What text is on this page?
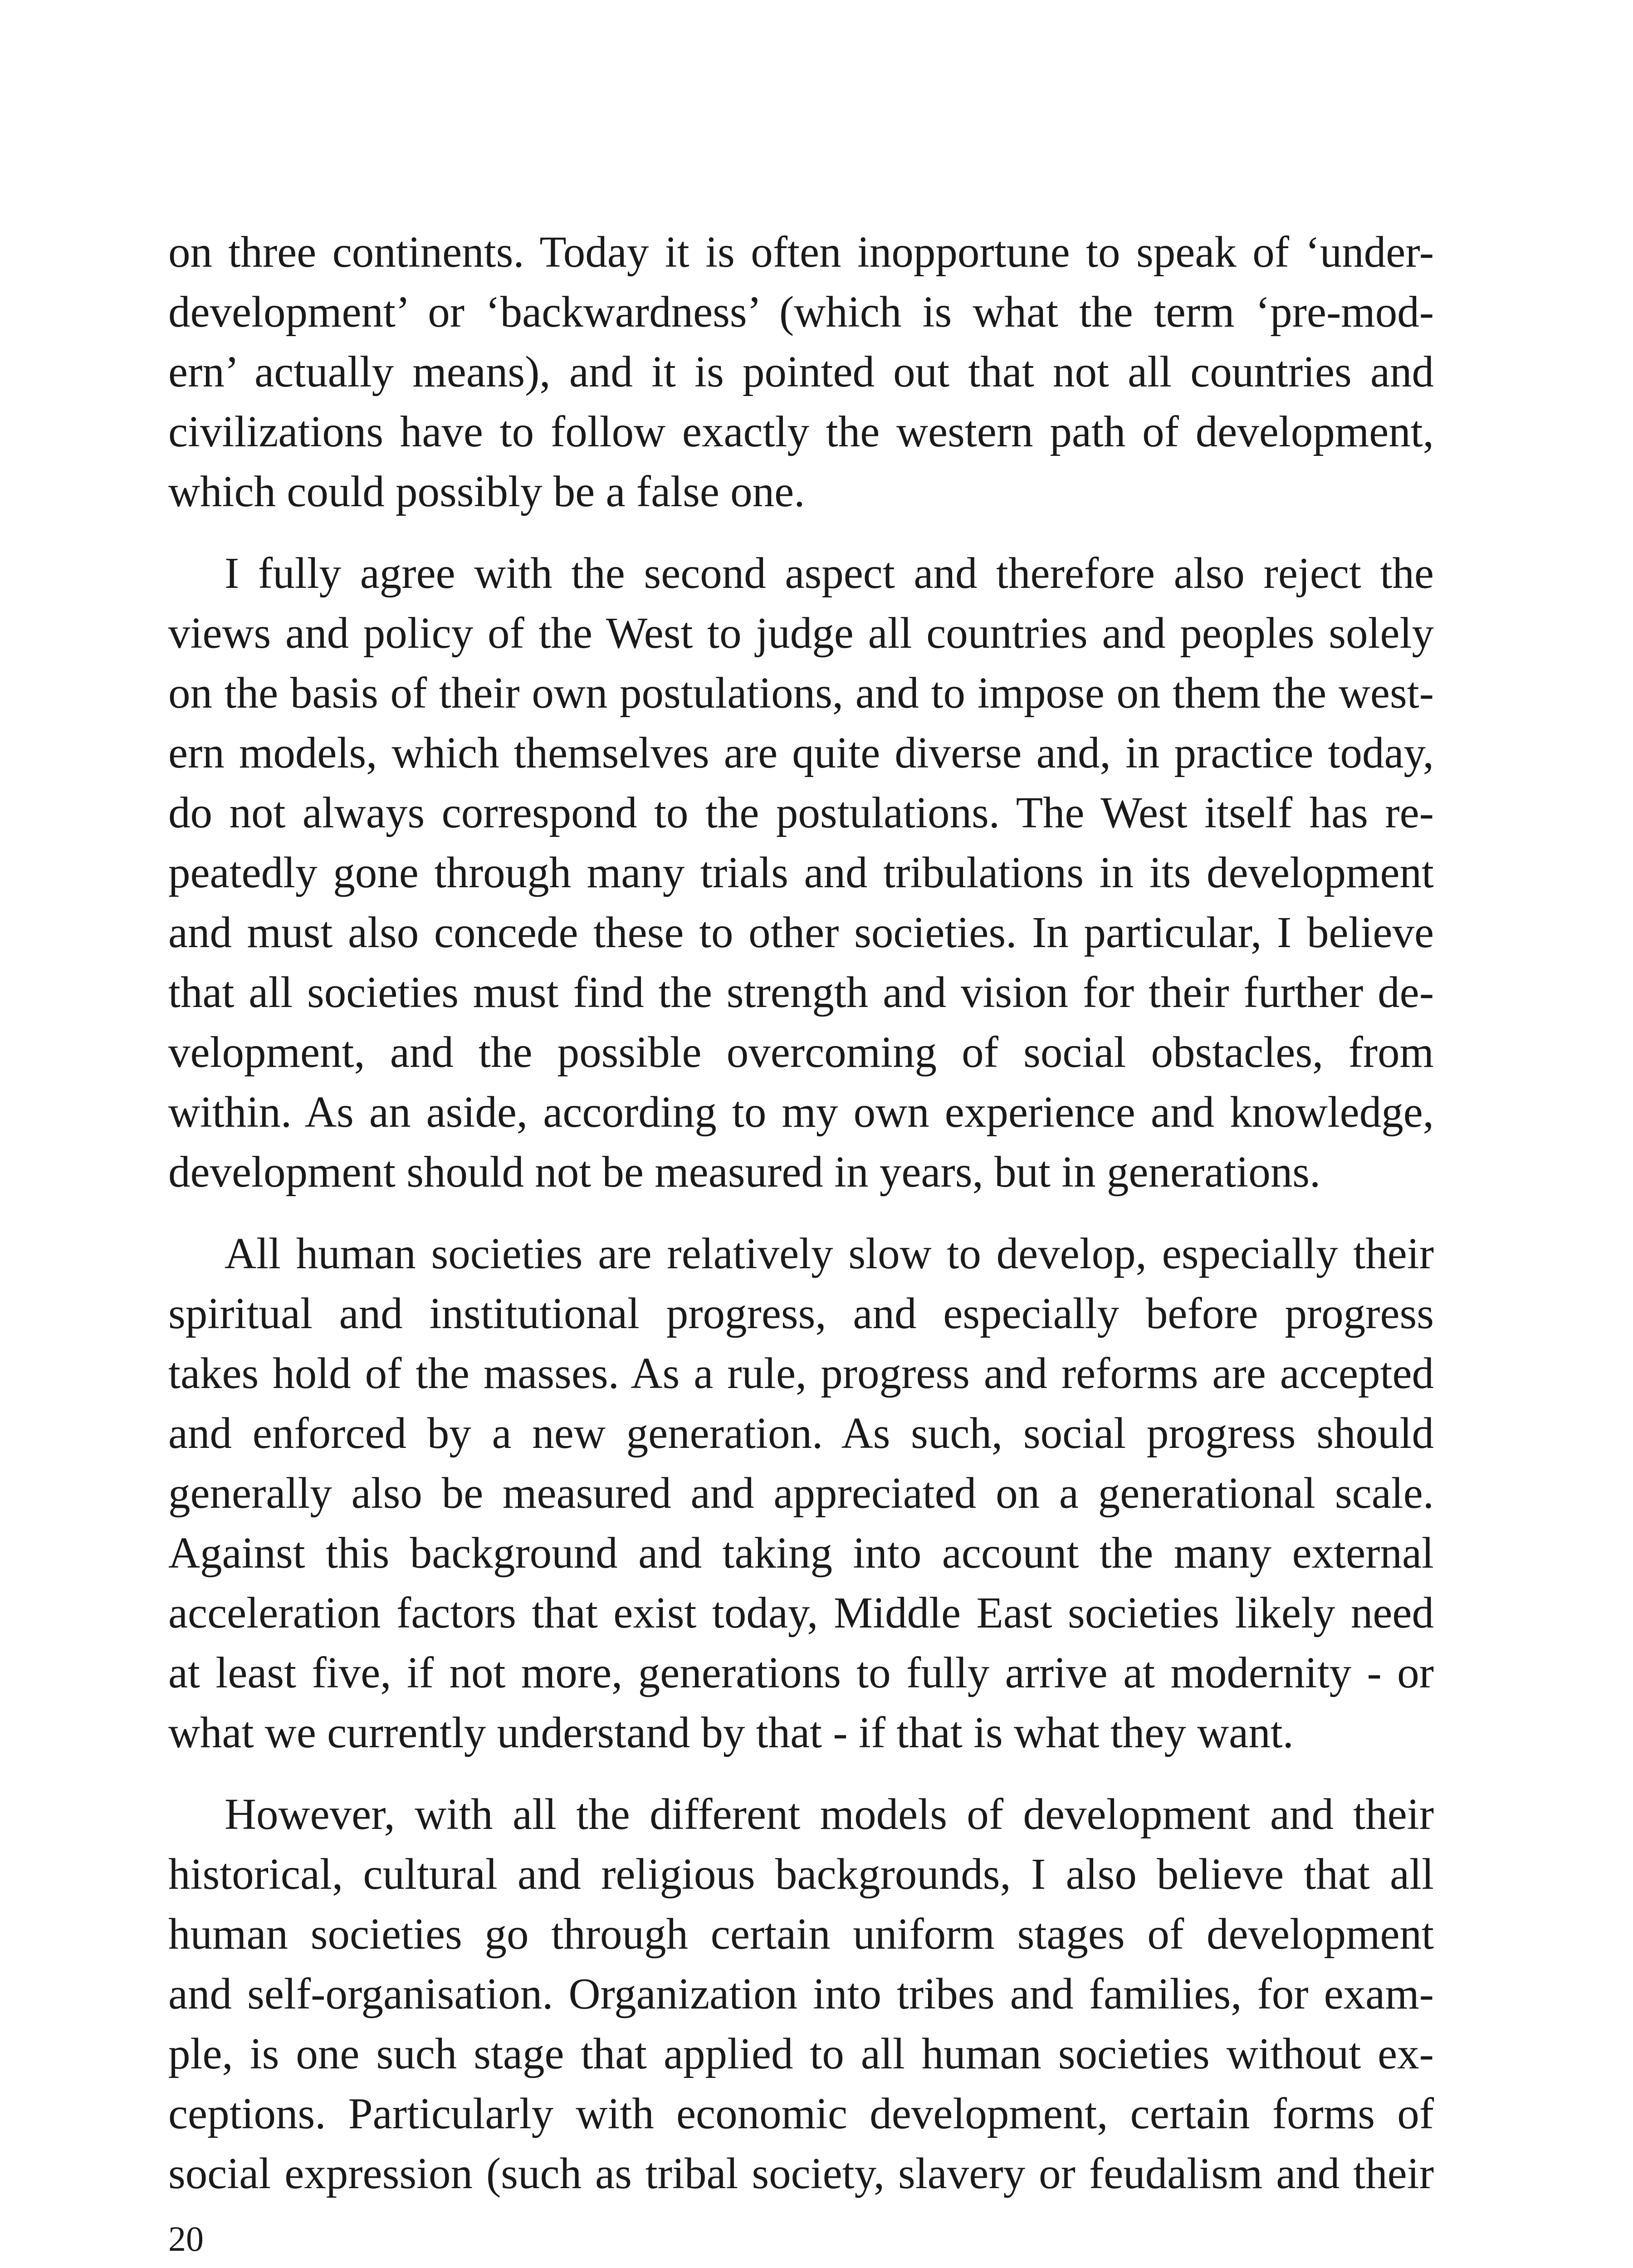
on three continents. Today it is often inopportune to speak of ‘under-
development’ or ‘backwardness’ (which is what the term ‘pre-mod-
ern’ actually means), and it is pointed out that not all countries and
civilizations have to follow exactly the western path of development,
which could possibly be a false one.

I fully agree with the second aspect and therefore also reject the
views and policy of the West to judge all countries and peoples solely
on the basis of their own postulations, and to impose on them the west-
ern models, which themselves are quite diverse and, in practice today,
do not always correspond to the postulations. The West itself has re-
peatedly gone through many trials and tribulations in its development
and must also concede these to other societies. In particular, I believe
that all societies must find the strength and vision for their further de-
velopment, and the possible overcoming of social obstacles, from
within. As an aside, according to my own experience and knowledge,
development should not be measured in years, but in generations.

All human societies are relatively slow to develop, especially their
spiritual and institutional progress, and especially before progress
takes hold of the masses. As a rule, progress and reforms are accepted
and enforced by a new generation. As such, social progress should
generally also be measured and appreciated on a generational scale.
Against this background and taking into account the many external
acceleration factors that exist today, Middle East societies likely need
at least five, if not more, generations to fully arrive at modernity - or
what we currently understand by that - if that is what they want.

However, with all the different models of development and their
historical, cultural and religious backgrounds, I also believe that all
human societies go through certain uniform stages of development
and self-organisation. Organization into tribes and families, for exam-
ple, is one such stage that applied to all human societies without ex-
ceptions. Particularly with economic development, certain forms of
social expression (such as tribal society, slavery or feudalism and their

20
